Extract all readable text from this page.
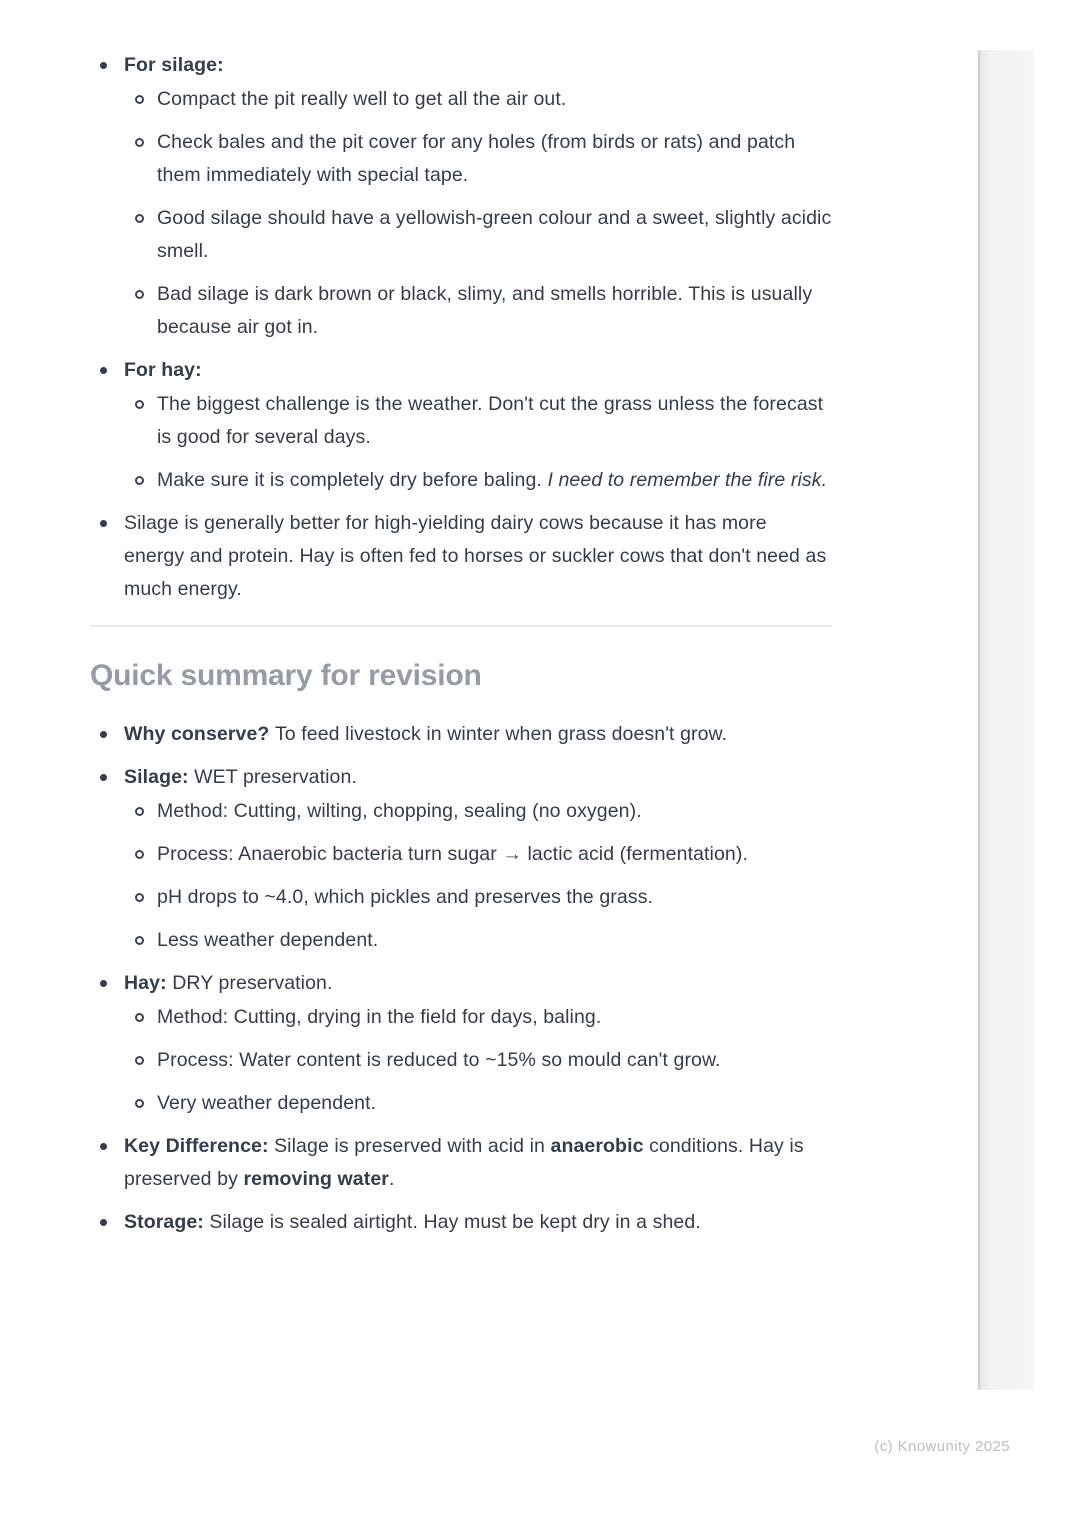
For silage:
Compact the pit really well to get all the air out.
Check bales and the pit cover for any holes (from birds or rats) and patch them immediately with special tape.
Good silage should have a yellowish-green colour and a sweet, slightly acidic smell.
Bad silage is dark brown or black, slimy, and smells horrible. This is usually because air got in.
For hay:
The biggest challenge is the weather. Don't cut the grass unless the forecast is good for several days.
Make sure it is completely dry before baling. I need to remember the fire risk.
Silage is generally better for high-yielding dairy cows because it has more energy and protein. Hay is often fed to horses or suckler cows that don't need as much energy.
Quick summary for revision
Why conserve? To feed livestock in winter when grass doesn't grow.
Silage: WET preservation.
Method: Cutting, wilting, chopping, sealing (no oxygen).
Process: Anaerobic bacteria turn sugar → lactic acid (fermentation).
pH drops to ~4.0, which pickles and preserves the grass.
Less weather dependent.
Hay: DRY preservation.
Method: Cutting, drying in the field for days, baling.
Process: Water content is reduced to ~15% so mould can't grow.
Very weather dependent.
Key Difference: Silage is preserved with acid in anaerobic conditions. Hay is preserved by removing water.
Storage: Silage is sealed airtight. Hay must be kept dry in a shed.
(c) Knowunity 2025
